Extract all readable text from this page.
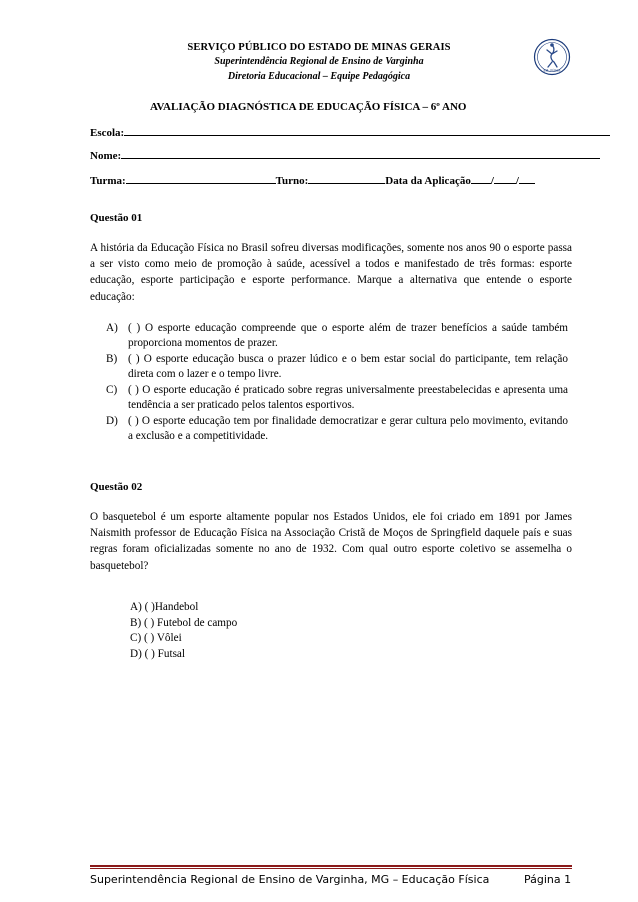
SERVIÇO PÚBLICO DO ESTADO DE MINAS GERAIS
Superintendência Regional de Ensino de Varginha
Diretoria Educacional – Equipe Pedagógica
Ed. Física
AVALIAÇÃO DIAGNÓSTICA DE EDUCAÇÃO FÍSICA – 6º ANO
Escola:
Nome:
Turma:	Turno:	Data da Aplicação / /
Questão 01
A história da Educação Física no Brasil sofreu diversas modificações, somente nos anos 90 o esporte passa a ser visto como meio de promoção à saúde, acessível a todos e manifestado de três formas: esporte educação, esporte participação e esporte performance. Marque a alternativa que entende o esporte educação:
A) ( ) O esporte educação compreende que o esporte além de trazer benefícios a saúde também proporciona momentos de prazer.
B) ( ) O esporte educação busca o prazer lúdico e o bem estar social do participante, tem relação direta com o lazer e o tempo livre.
C) ( ) O esporte educação é praticado sobre regras universalmente preestabelecidas e apresenta uma tendência a ser praticado pelos talentos esportivos.
D) ( ) O esporte educação tem por finalidade democratizar e gerar cultura pelo movimento, evitando a exclusão e a competitividade.
Questão 02
O basquetebol é um esporte altamente popular nos Estados Unidos, ele foi criado em 1891 por James Naismith professor de Educação Física na Associação Cristã de Moços de Springfield daquele país e suas regras foram oficializadas somente no ano de 1932. Com qual outro esporte coletivo se assemelha o basquetebol?
A) ( )Handebol
B) ( ) Futebol de campo
C) ( ) Vôlei
D) ( ) Futsal
Superintendência Regional de Ensino de Varginha, MG – Educação Física	Página 1
